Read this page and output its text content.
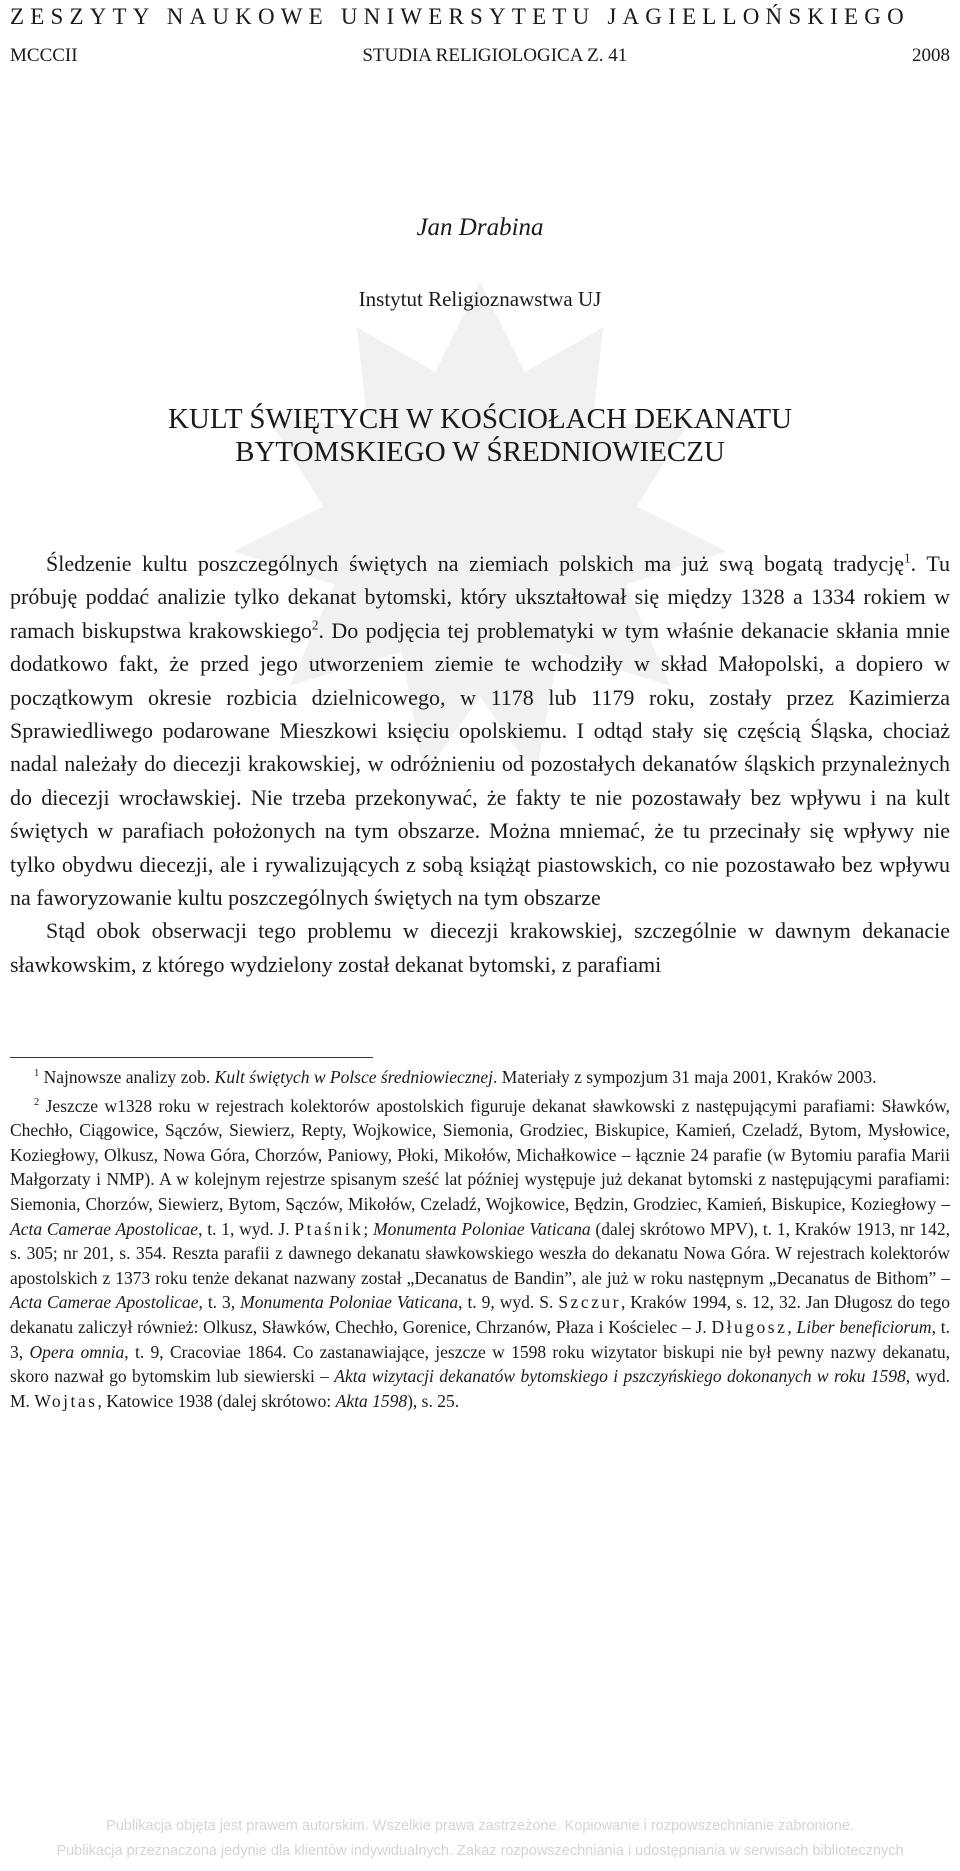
ZESZYTY NAUKOWE UNIWERSYTETU JAGIELLOŃSKIEGO
MCCCII	STUDIA RELIGIOLOGICA Z. 41	2008
Jan Drabina
Instytut Religioznawstwa UJ
KULT ŚWIĘTYCH W KOŚCIOŁACH DEKANATU
BYTOMSKIEGO W ŚREDNIOWIECZU

Śledzenie kultu poszczególnych świętych na ziemiach polskich ma już swą bogatą tradycję$^1$. Tu próbuję poddać analizie tylko dekanat bytomski, który ukształtował się między 1328 a 1334 rokiem w ramach biskupstwa krakowskiego$^2$. Do podjęcia tej problematyki w tym właśnie dekanacie skłania mnie dodatkowo fakt, że przed jego utworzeniem ziemie te wchodziły w skład Małopolski, a dopiero w początkowym okresie rozbicia dzielnicowego, w 1178 lub 1179 roku, zostały przez Kazimierza Sprawiedliwego podarowane Mieszkowi księciu opolskiemu. I odtąd stały się częścią Śląska, chociaż nadal należały do diecezji krakowskiej, w odróżnieniu od pozostałych dekanatów śląskich przynależnych do diecezji wrocławskiej. Nie trzeba przekonywać, że fakty te nie pozostawały bez wpływu i na kult świętych w parafiach położonych na tym obszarze. Można mniemać, że tu przecinały się wpływy nie tylko obydwu diecezji, ale i rywalizujących z sobą książąt piastowskich, co nie pozostawało bez wpływu na faworyzowanie kultu poszczególnych świętych na tym obszarze

Stąd obok obserwacji tego problemu w diecezji krakowskiej, szczególnie w dawnym dekanacie sławkowskim, z którego wydzielony został dekanat bytomski, z parafiami

$^1$ Najnowsze analizy zob. Kult świętych w Polsce średniowiecznej. Materiały z sympozjum 31 maja 2001, Kraków 2003.

$^2$ Jeszcze w1328 roku w rejestrach kolektorów apostolskich figuruje dekanat sławkowski z następującymi parafiami: Sławków, Chechło, Ciągowice, Sączów, Siewierz, Repty, Wojkowice, Siemonia, Grodziec, Biskupice, Kamień, Czeladź, Bytom, Mysłowice, Koziegłowy, Olkusz, Nowa Góra, Chorzów, Paniowy, Płoki, Mikołów, Michałkowice – łącznie 24 parafie (w Bytomiu parafia Marii Małgorzaty i NMP). A w kolejnym rejestrze spisanym sześć lat później występuje już dekanat bytomski z następującymi parafiami: Siemonia, Chorzów, Siewierz, Bytom, Sączów, Mikołów, Czeladź, Wojkowice, Będzin, Grodziec, Kamień, Biskupice, Koziegłowy – Acta Camerae Apostolicae, t. 1, wyd. J. Ptaśnik; Monumenta Poloniae Vaticana (dalej skrótowo MPV), t. 1, Kraków 1913, nr 142, s. 305; nr 201, s. 354. Reszta parafii z dawnego dekanatu sławkowskiego weszła do dekanatu Nowa Góra. W rejestrach kolektorów apostolskich z 1373 roku tenże dekanat nazwany został „Decanatus de Bandin”, ale już w roku następnym „Decanatus de Bithom” – Acta Camerae Apostolicae, t. 3, Monumenta Poloniae Vaticana, t. 9, wyd. S. Szczur, Kraków 1994, s. 12, 32. Jan Długosz do tego dekanatu zaliczył również: Olkusz, Sławków, Chechło, Gorenice, Chrzanów, Płaza i Kościelec – J. Długosz, Liber beneficiorum, t. 3, Opera omnia, t. 9, Cracoviae 1864. Co zastanawiające, jeszcze w 1598 roku wizytator biskupi nie był pewny nazwy dekanatu, skoro nazwał go bytomskim lub siewierski – Akta wizytacji dekanatów bytomskiego i pszczyńskiego dokonanych w roku 1598, wyd. M. Wojtas, Katowice 1938 (dalej skrótowo: Akta 1598), s. 25.

Publikacja objęta jest prawem autorskim. Wszelkie prawa zastrzeżone. Kopiowanie i rozpowszechnianie zabronione.
Publikacja przeznaczona jedynie dla klientów indywidualnych. Zakaz rozpowszechniania i udostępniania w serwisach bibliotecznych
